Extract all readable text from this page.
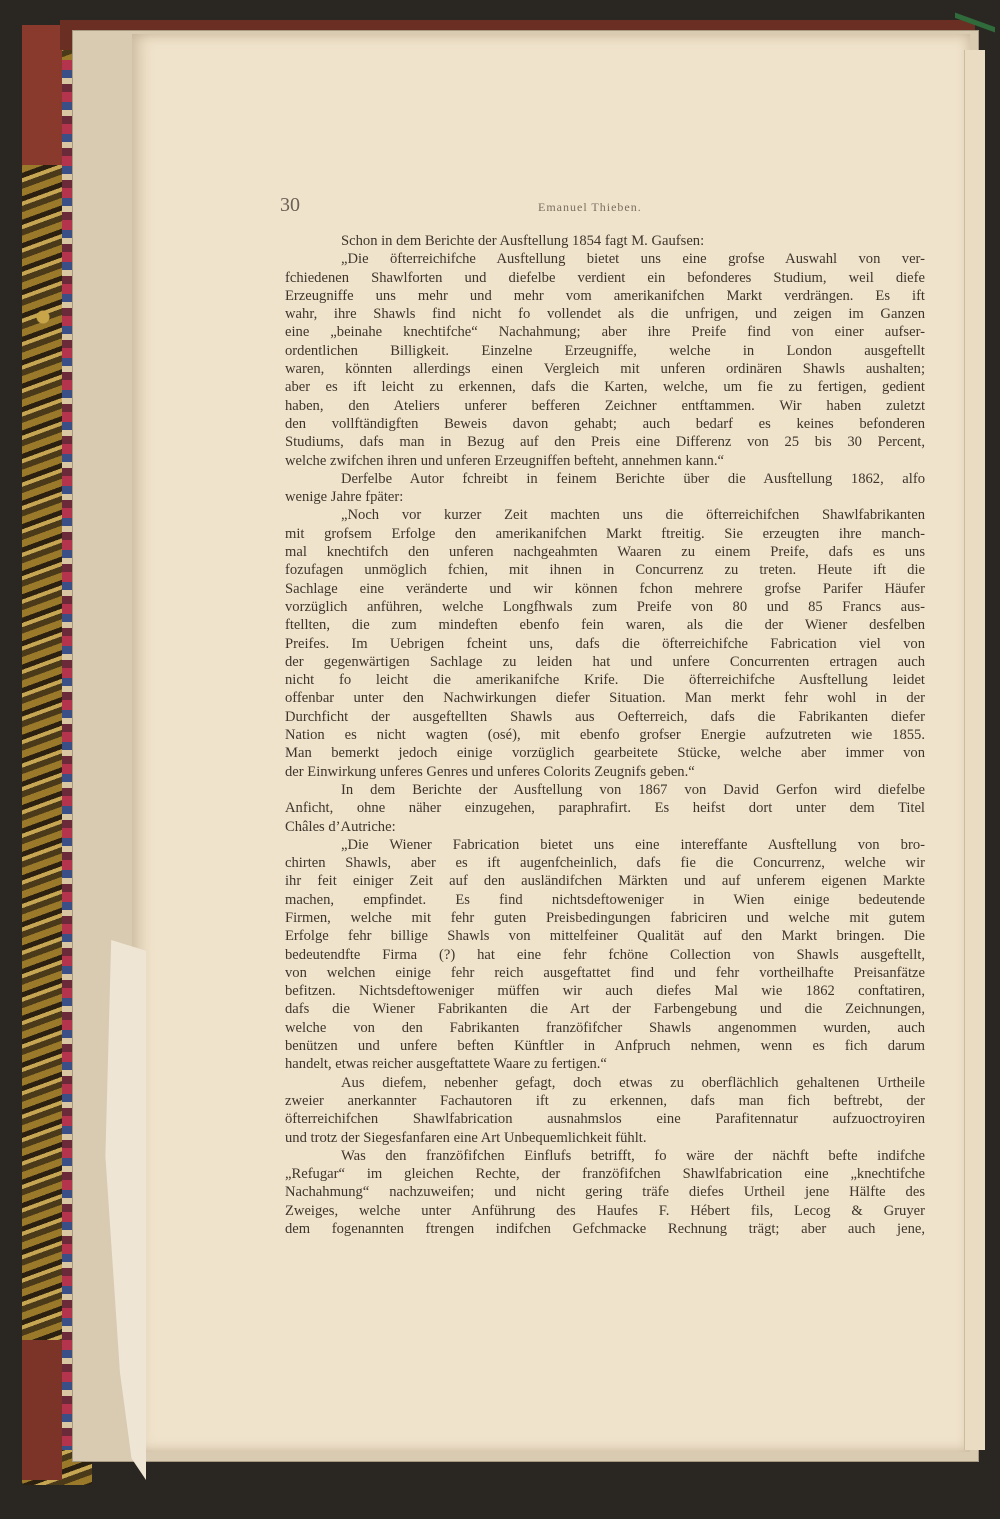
30	Emanuel Thieben.
Schon in dem Berichte der Ausftellung 1854 fagt M. Gaufsen:
„Die öfterreichifche Ausftellung bietet uns eine grofse Auswahl von ver-
fchiedenen Shawlforten und diefelbe verdient ein befonderes Studium, weil diefe
Erzeugniffe uns mehr und mehr vom amerikanifchen Markt verdrängen. Es ift
wahr, ihre Shawls find nicht fo vollendet als die unfrigen, und zeigen im Ganzen
eine „beinahe knechtifche“ Nachahmung; aber ihre Preife find von einer aufser-
ordentlichen Billigkeit. Einzelne Erzeugniffe, welche in London ausgeftellt
waren, könnten allerdings einen Vergleich mit unferen ordinären Shawls aushalten;
aber es ift leicht zu erkennen, dafs die Karten, welche, um fie zu fertigen, gedient
haben, den Ateliers unferer befferen Zeichner entftammen. Wir haben zuletzt
den vollftändigften Beweis davon gehabt; auch bedarf es keines befonderen
Studiums, dafs man in Bezug auf den Preis eine Differenz von 25 bis 30 Percent,
welche zwifchen ihren und unferen Erzeugniffen befteht, annehmen kann.“
Derfelbe Autor fchreibt in feinem Berichte über die Ausftellung 1862, alfo
wenige Jahre fpäter:
„Noch vor kurzer Zeit machten uns die öfterreichifchen Shawlfabrikanten
mit grofsem Erfolge den amerikanifchen Markt ftreitig. Sie erzeugten ihre manch-
mal knechtifch den unferen nachgeahmten Waaren zu einem Preife, dafs es uns
fozufagen unmöglich fchien, mit ihnen in Concurrenz zu treten. Heute ift die
Sachlage eine veränderte und wir können fchon mehrere grofse Parifer Häufer
vorzüglich anführen, welche Longfhwals zum Preife von 80 und 85 Francs aus-
ftellten, die zum mindeften ebenfo fein waren, als die der Wiener desfelben
Preifes. Im Uebrigen fcheint uns, dafs die öfterreichifche Fabrication viel von
der gegenwärtigen Sachlage zu leiden hat und unfere Concurrenten ertragen auch
nicht fo leicht die amerikanifche Krife. Die öfterreichifche Ausftellung leidet
offenbar unter den Nachwirkungen diefer Situation. Man merkt fehr wohl in der
Durchficht der ausgeftellten Shawls aus Oefterreich, dafs die Fabrikanten diefer
Nation es nicht wagten (osé), mit ebenfo grofser Energie aufzutreten wie 1855.
Man bemerkt jedoch einige vorzüglich gearbeitete Stücke, welche aber immer von
der Einwirkung unferes Genres und unferes Colorits Zeugnifs geben.“
In dem Berichte der Ausftellung von 1867 von David Gerfon wird diefelbe
Anficht, ohne näher einzugehen, paraphrafirt. Es heifst dort unter dem Titel
Châles d’Autriche:
„Die Wiener Fabrication bietet uns eine intereffante Ausftellung von bro-
chirten Shawls, aber es ift augenfcheinlich, dafs fie die Concurrenz, welche wir
ihr feit einiger Zeit auf den ausländifchen Märkten und auf unferem eigenen Markte
machen, empfindet. Es find nichtsdeftoweniger in Wien einige bedeutende
Firmen, welche mit fehr guten Preisbedingungen fabriciren und welche mit gutem
Erfolge fehr billige Shawls von mittelfeiner Qualität auf den Markt bringen. Die
bedeutendfte Firma (?) hat eine fehr fchöne Collection von Shawls ausgeftellt,
von welchen einige fehr reich ausgeftattet find und fehr vortheilhafte Preisanfätze
befitzen. Nichtsdeftoweniger müffen wir auch diefes Mal wie 1862 conftatiren,
dafs die Wiener Fabrikanten die Art der Farbengebung und die Zeichnungen,
welche von den Fabrikanten franzöfifcher Shawls angenommen wurden, auch
benützen und unfere beften Künftler in Anfpruch nehmen, wenn es fich darum
handelt, etwas reicher ausgeftattete Waare zu fertigen.“
Aus diefem, nebenher gefagt, doch etwas zu oberflächlich gehaltenen Urtheile
zweier anerkannter Fachautoren ift zu erkennen, dafs man fich beftrebt, der
öfterreichifchen Shawlfabrication ausnahmslos eine Parafitennatur aufzuoctroyiren
und trotz der Siegesfanfaren eine Art Unbequemlichkeit fühlt.
Was den franzöfifchen Einflufs betrifft, fo wäre der nächft befte indifche
„Refugar“ im gleichen Rechte, der franzöfifchen Shawlfabrication eine „knechtifche
Nachahmung“ nachzuweifen; und nicht gering träfe diefes Urtheil jene Hälfte des
Zweiges, welche unter Anführung des Haufes F. Hébert fils, Lecog & Gruyer
dem fogenannten ftrengen indifchen Gefchmacke Rechnung trägt; aber auch jene,
